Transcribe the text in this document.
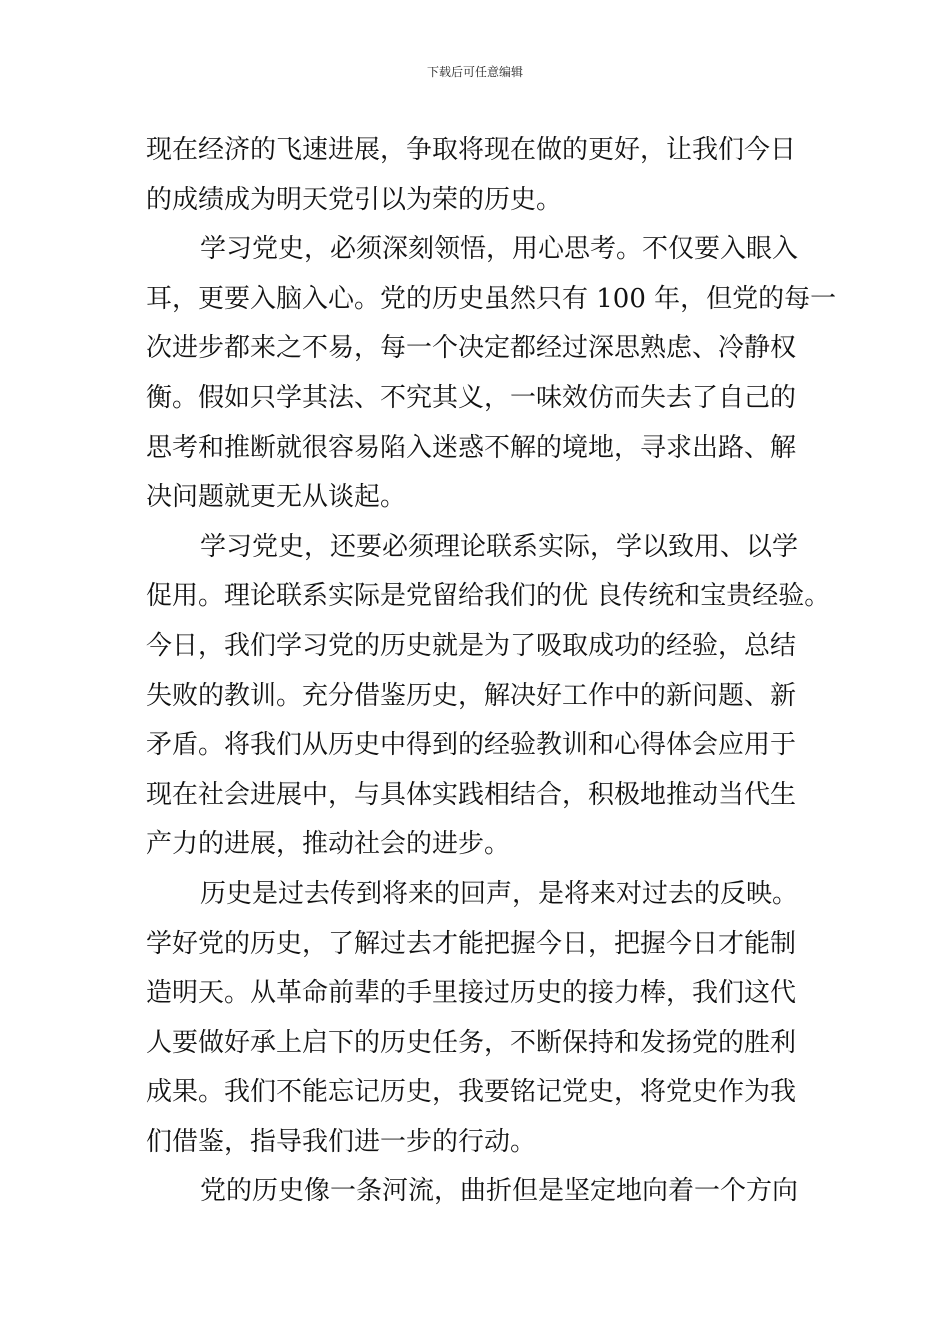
下载后可任意编辑
现在经济的飞速进展，争取将现在做的更好，让我们今日
的成绩成为明天党引以为荣的历史。
学习党史，必须深刻领悟，用心思考。不仅要入眼入
耳，更要入脑入心。党的历史虽然只有 100 年，但党的每一
次进步都来之不易，每一个决定都经过深思熟虑、冷静权
衡。假如只学其法、不究其义，一味效仿而失去了自己的
思考和推断就很容易陷入迷惑不解的境地，寻求出路、解
决问题就更无从谈起。
学习党史，还要必须理论联系实际，学以致用、以学
促用。理论联系实际是党留给我们的优 良传统和宝贵经验。
今日，我们学习党的历史就是为了吸取成功的经验，总结
失败的教训。充分借鉴历史，解决好工作中的新问题、新
矛盾。将我们从历史中得到的经验教训和心得体会应用于
现在社会进展中，与具体实践相结合，积极地推动当代生
产力的进展，推动社会的进步。
历史是过去传到将来的回声，是将来对过去的反映。
学好党的历史，了解过去才能把握今日，把握今日才能制
造明天。从革命前辈的手里接过历史的接力棒，我们这代
人要做好承上启下的历史任务，不断保持和发扬党的胜利
成果。我们不能忘记历史，我要铭记党史，将党史作为我
们借鉴，指导我们进一步的行动。
党的历史像一条河流，曲折但是坚定地向着一个方向
